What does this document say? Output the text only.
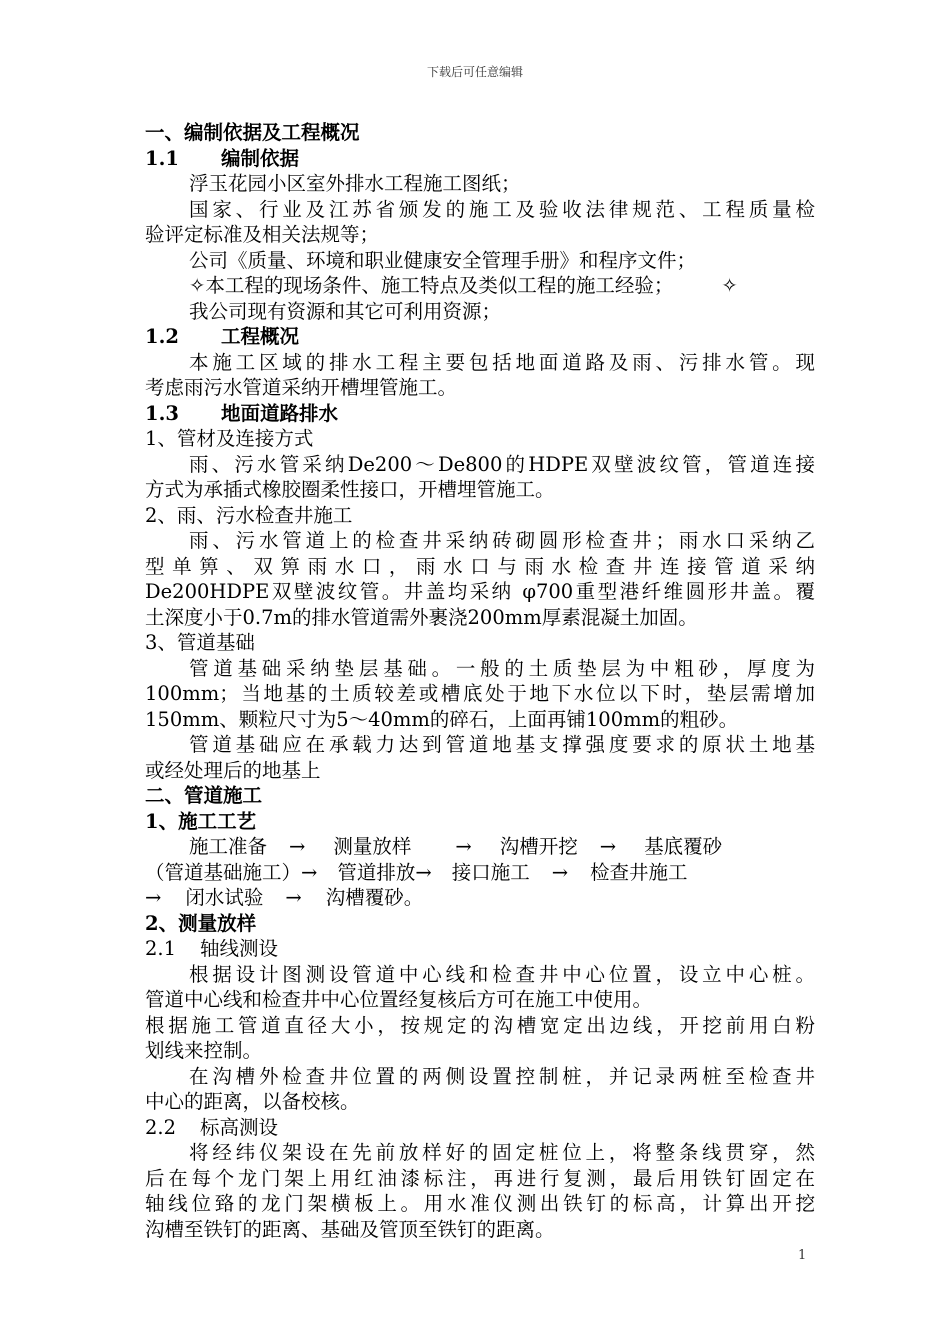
下载后可任意编辑
一、编制依据及工程概况
1.1 编制依据
浮玉花园小区室外排水工程施工图纸；
国家、行业及江苏省颁发的施工及验收法律规范、工程质量检
验评定标准及相关法规等；
公司《质量、环境和职业健康安全管理手册》和程序文件；
✧本工程的现场条件、施工特点及类似工程的施工经验； ✧
我公司现有资源和其它可利用资源；
1.2 工程概况
本施工区域的排水工程主要包括地面道路及雨、污排水管。现
考虑雨污水管道采纳开槽埋管施工。
1.3 地面道路排水
1、管材及连接方式
雨、污水管采纳De200～De800的HDPE双壁波纹管，管道连接
方式为承插式橡胶圈柔性接口，开槽埋管施工。
2、雨、污水检查井施工
雨、污水管道上的检查井采纳砖砌圆形检查井；雨水口采纳乙
型单箅、双箅雨水口，雨水口与雨水检查井连接管道采纳
De200HDPE双壁波纹管。井盖均采纳 φ700重型港纤维圆形井盖。覆
土深度小于0.7m的排水管道需外裹浇200mm厚素混凝土加固。
3、管道基础
管道基础采纳垫层基础。一般的土质垫层为中粗砂，厚度为
100mm；当地基的土质较差或槽底处于地下水位以下时，垫层需增加
150mm、颗粒尺寸为5～40mm的碎石，上面再铺100mm的粗砂。
管道基础应在承载力达到管道地基支撑强度要求的原状土地基
或经处理后的地基上
二、管道施工
1、施工工艺
施工准备 → 测量放样 → 沟槽开挖 → 基底覆砂
（管道基础施工）→ 管道排放→ 接口施工 → 检查井施工
→ 闭水试验 → 沟槽覆砂。
2、测量放样
2.1 轴线测设
根据设计图测设管道中心线和检查井中心位置，设立中心桩。
管道中心线和检查井中心位置经复核后方可在施工中使用。
根据施工管道直径大小，按规定的沟槽宽定出边线，开挖前用白粉
划线来控制。
在沟槽外检查井位置的两侧设置控制桩，并记录两桩至检查井
中心的距离，以备校核。
2.2 标高测设
将经纬仪架设在先前放样好的固定桩位上，将整条线贯穿，然
后在每个龙门架上用红油漆标注，再进行复测，最后用铁钉固定在
轴线位臵的龙门架横板上。用水准仪测出铁钉的标高，计算出开挖
沟槽至铁钉的距离、基础及管顶至铁钉的距离。
1
